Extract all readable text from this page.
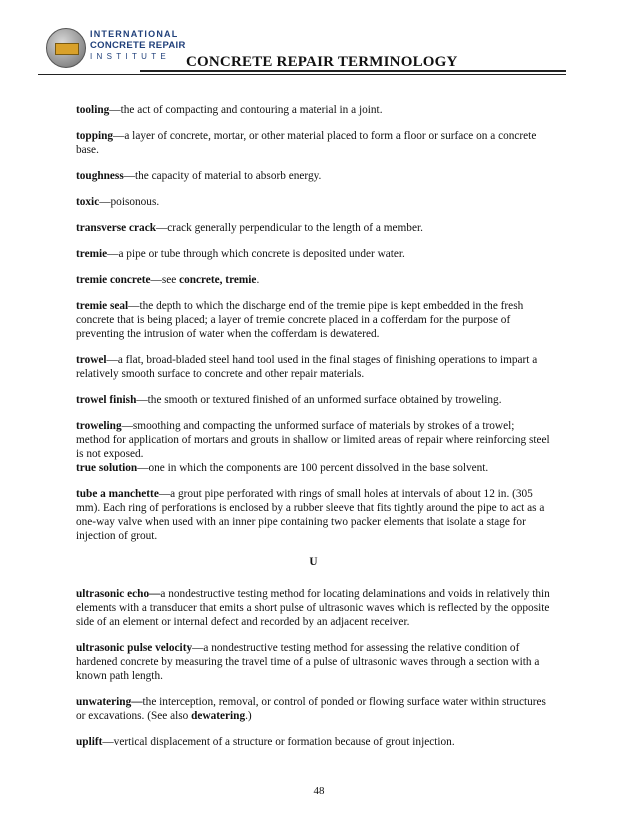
INTERNATIONAL
CONCRETE REPAIR
INSTITUTE	CONCRETE REPAIR TERMINOLOGY

tooling—the act of compacting and contouring a material in a joint.

topping—a layer of concrete, mortar, or other material placed to form a floor or surface on a concrete base.

toughness—the capacity of material to absorb energy.

toxic—poisonous.

transverse crack—crack generally perpendicular to the length of a member.

tremie—a pipe or tube through which concrete is deposited under water.

tremie concrete—see concrete, tremie.

tremie seal—the depth to which the discharge end of the tremie pipe is kept embedded in the fresh concrete that is being placed; a layer of tremie concrete placed in a cofferdam for the purpose of preventing the intrusion of water when the cofferdam is dewatered.

trowel—a flat, broad-bladed steel hand tool used in the final stages of finishing operations to impart a relatively smooth surface to concrete and other repair materials.

trowel finish—the smooth or textured finished of an unformed surface obtained by troweling.

troweling—smoothing and compacting the unformed surface of materials by strokes of a trowel; method for application of mortars and grouts in shallow or limited areas of repair where reinforcing steel is not exposed.

true solution—one in which the components are 100 percent dissolved in the base solvent.

tube a manchette—a grout pipe perforated with rings of small holes at intervals of about 12 in. (305 mm). Each ring of perforations is enclosed by a rubber sleeve that fits tightly around the pipe to act as a one-way valve when used with an inner pipe containing two packer elements that isolate a stage for injection of grout.

U

ultrasonic echo—a nondestructive testing method for locating delaminations and voids in relatively thin elements with a transducer that emits a short pulse of ultrasonic waves which is reflected by the opposite side of an element or internal defect and recorded by an adjacent receiver.

ultrasonic pulse velocity—a nondestructive testing method for assessing the relative condition of hardened concrete by measuring the travel time of a pulse of ultrasonic waves through a section with a known path length.

unwatering—the interception, removal, or control of ponded or flowing surface water within structures or excavations. (See also dewatering.)

uplift—vertical displacement of a structure or formation because of grout injection.

48
